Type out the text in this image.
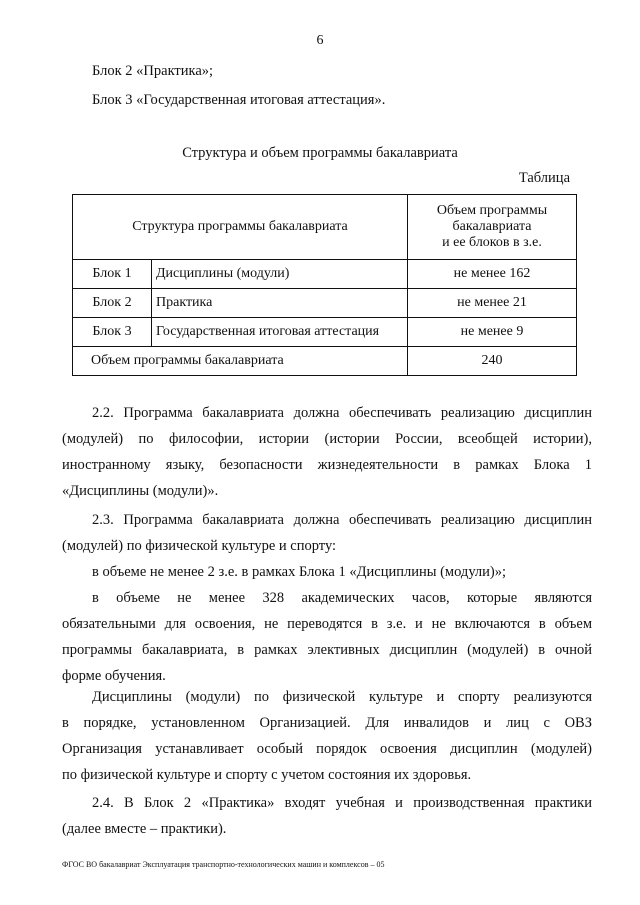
6
Блок 2 «Практика»;
Блок 3 «Государственная итоговая аттестация».
Структура и объем программы бакалавриата
Таблица
Структура программы бакалавриата		Объем программы
бакалавриата
и ее блоков в з.е.

Блок 1	Дисциплины (модули)	не менее 162
Блок 2	Практика	не менее 21
Блок 3	Государственная итоговая аттестация	не менее 9
Объем программы бакалавриата		240
2.2. Программа бакалавриата должна обеспечивать реализацию дисциплин
(модулей) по философии, истории (истории России, всеобщей истории),
иностранному языку, безопасности жизнедеятельности в рамках Блока 1
«Дисциплины (модули)».
2.3. Программа бакалавриата должна обеспечивать реализацию дисциплин
(модулей) по физической культуре и спорту:
в объеме не менее 2 з.е. в рамках Блока 1 «Дисциплины (модули)»;
в объеме не менее 328 академических часов, которые являются
обязательными для освоения, не переводятся в з.е. и не включаются в объем
программы бакалавриата, в рамках элективных дисциплин (модулей) в очной
форме обучения.
Дисциплины (модули) по физической культуре и спорту реализуются
в порядке, установленном Организацией. Для инвалидов и лиц с ОВЗ
Организация устанавливает особый порядок освоения дисциплин (модулей)
по физической культуре и спорту с учетом состояния их здоровья.
2.4. В Блок 2 «Практика» входят учебная и производственная практики
(далее вместе – практики).
ФГОС ВО бакалавриат Эксплуатация транспортно-технологических машин и комплексов – 05
